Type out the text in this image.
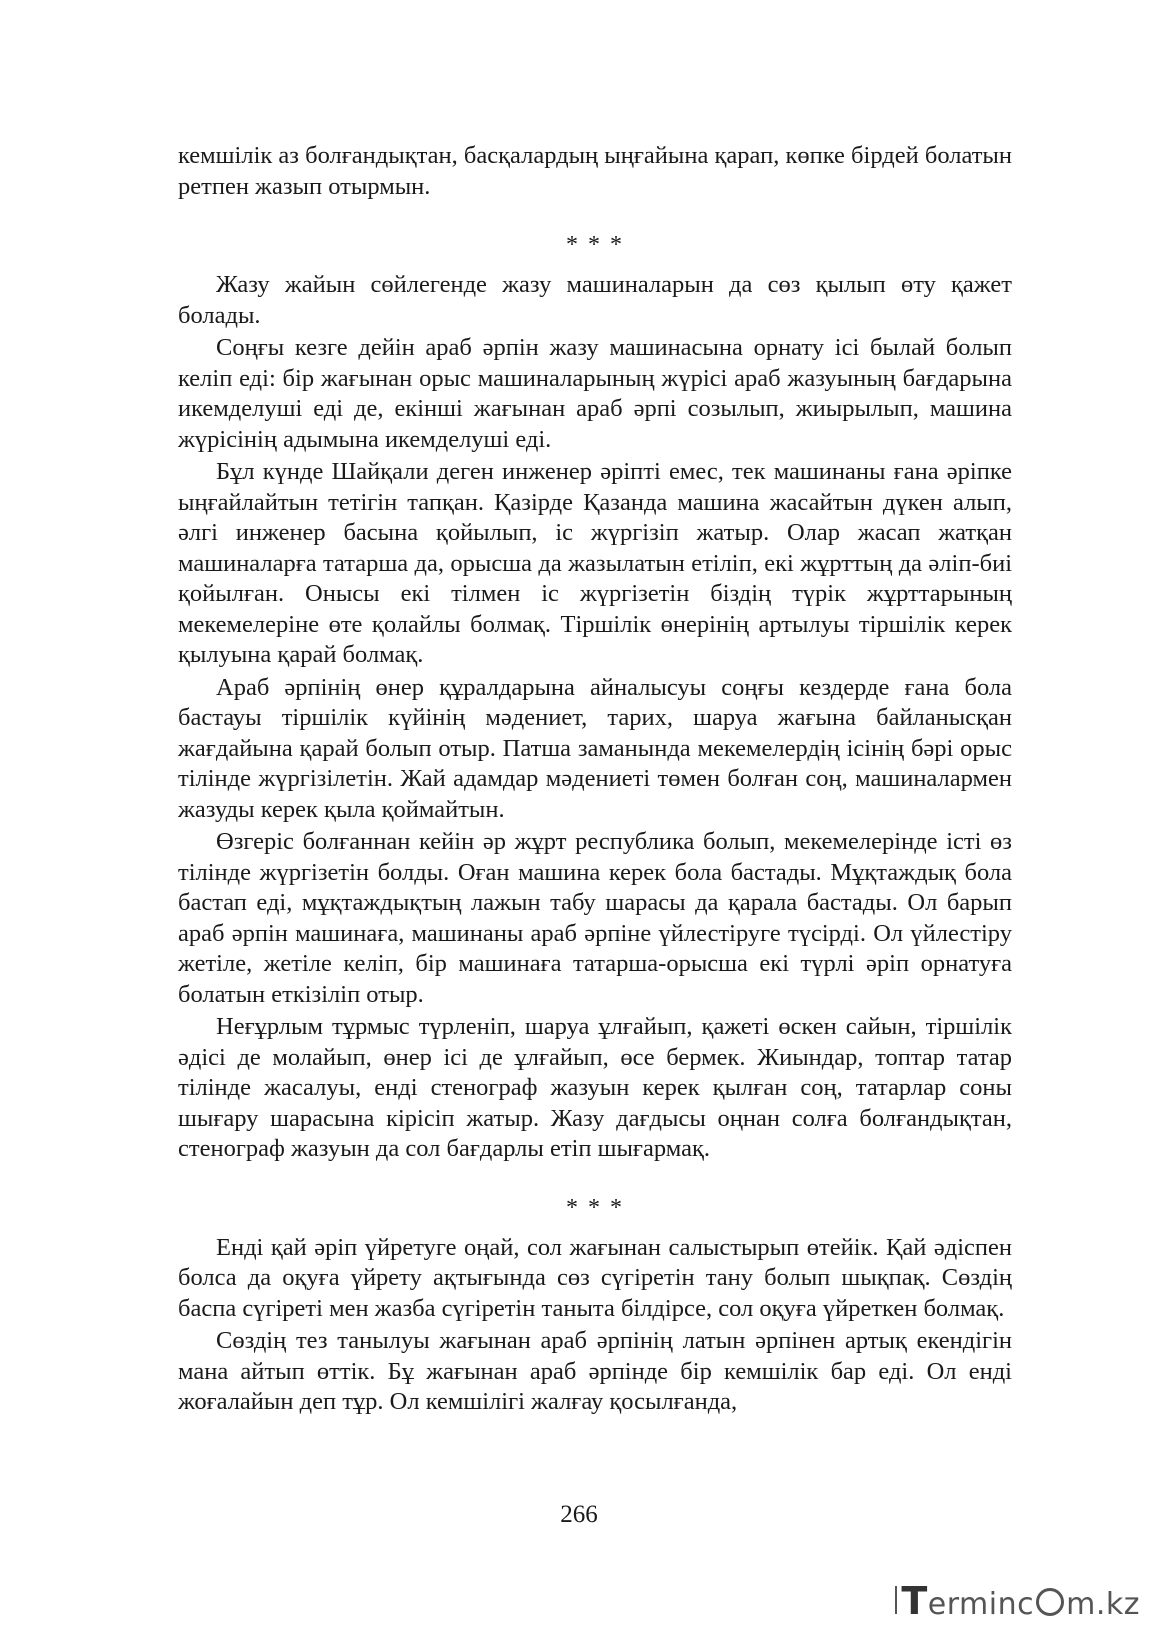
кемшілік аз болғандықтан, басқалардың ыңғайына қарап, көпке бірдей болатын ретпен жазып отырмын.

* * *

Жазу жайын сөйлегенде жазу машиналарын да сөз қылып өту қажет болады.

Соңғы кезге дейін араб әрпін жазу машинасына орнату ісі былай болып келіп еді: бір жағынан орыс машиналарының жүрісі араб жазуының бағдарына икемделуші еді де, екінші жағынан араб әрпі созылып, жиырылып, машина жүрісінің адымына икемделуші еді.

Бұл күнде Шайқали деген инженер әріпті емес, тек машинаны ғана әріпке ыңғайлайтын тетігін тапқан. Қазірде Қазанда машина жасайтын дүкен алып, әлгі инженер басына қойылып, іс жүргізіп жатыр. Олар жасап жатқан машиналарға татарша да, орысша да жазылатын етіліп, екі жұрттың да әліп-биі қойылған. Онысы екі тілмен іс жүргізетін біздің түрік жұрттарының мекемелеріне өте қолайлы болмақ. Тіршілік өнерінің артылуы тіршілік керек қылуына қарай болмақ.

Араб әрпінің өнер құралдарына айналысуы соңғы кездерде ғана бола бастауы тіршілік күйінің мәдениет, тарих, шаруа жағына байланысқан жағдайына қарай болып отыр. Патша заманында мекемелердің ісінің бәрі орыс тілінде жүргізілетін. Жай адамдар мәдениеті төмен болған соң, машиналармен жазуды керек қыла қоймайтын.

Өзгеріс болғаннан кейін әр жұрт республика болып, мекемелерінде істі өз тілінде жүргізетін болды. Оған машина керек бола бастады. Мұқтаждық бола бастап еді, мұқтаждықтың лажын табу шарасы да қарала бастады. Ол барып араб әрпін машинаға, машинаны араб әрпіне үйлестіруге түсірді. Ол үйлестіру жетіле, жетіле келіп, бір машинаға татарша-орысша екі түрлі әріп орнатуға болатын еткізіліп отыр.

Неғұрлым тұрмыс түрленіп, шаруа ұлғайып, қажеті өскен сайын, тіршілік әдісі де молайып, өнер ісі де ұлғайып, өсе бермек. Жиындар, топтар татар тілінде жасалуы, енді стенограф жазуын керек қылған соң, татарлар соны шығару шарасына кірісіп жатыр. Жазу дағдысы оңнан солға болғандықтан, стенограф жазуын да сол бағдарлы етіп шығармақ.

* * *

Енді қай әріп үйретуге оңай, сол жағынан салыстырып өтейік. Қай әдіспен болса да оқуға үйрету ақтығында сөз сүгіретін тану болып шықпақ. Сөздің баспа сүгіреті мен жазба сүгіретін таныта білдірсе, сол оқуға үйреткен болмақ.

Сөздің тез танылуы жағынан араб әрпінің латын әрпінен артық екендігін мана айтып өттік. Бұ жағынан араб әрпінде бір кемшілік бар еді. Ол енді жоғалайын деп тұр. Ол кемшілігі жалғау қосылғанда,

266
T erminc m.kz
